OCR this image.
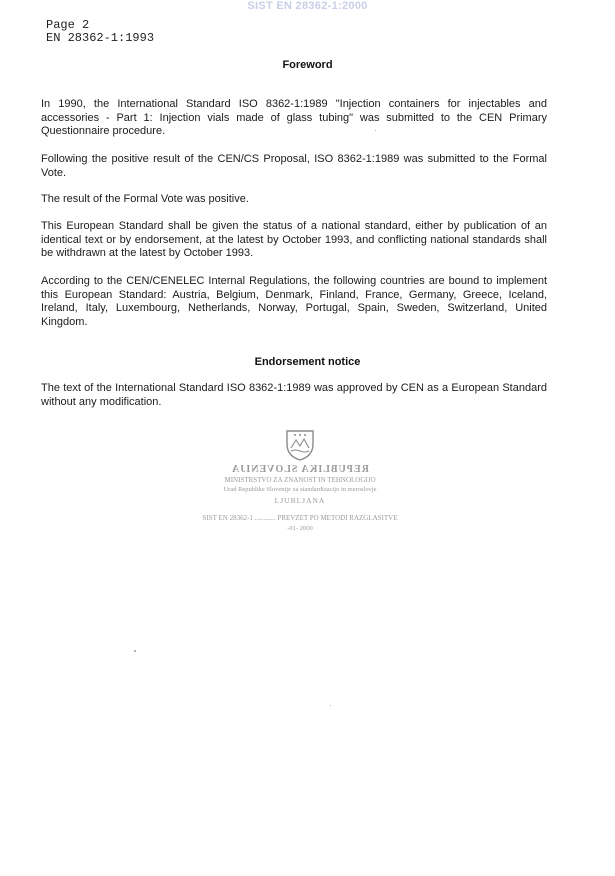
SIST EN 28362-1:2000
Page 2
EN 28362-1:1993
Foreword
In 1990, the International Standard ISO 8362-1:1989 "Injection containers for injectables and accessories - Part 1: Injection vials made of glass tubing" was submitted to the CEN Primary Questionnaire procedure.
Following the positive result of the CEN/CS Proposal, ISO 8362-1:1989 was submitted to the Formal Vote.
The result of the Formal Vote was positive.
This European Standard shall be given the status of a national standard, either by publication of an identical text or by endorsement, at the latest by October 1993, and conflicting national standards shall be withdrawn at the latest by October 1993.
According to the CEN/CENELEC Internal Regulations, the following countries are bound to implement this European Standard: Austria, Belgium, Denmark, Finland, France, Germany, Greece, Iceland, Ireland, Italy, Luxembourg, Netherlands, Norway, Portugal, Spain, Sweden, Switzerland, United Kingdom.
Endorsement notice
The text of the International Standard ISO 8362-1:1989 was approved by CEN as a European Standard without any modification.
REPUBLIKA SLOVENIJA
MINISTRSTVO ZA ZNANOST IN TEHNOLOGIJO
Urad Republike Slovenije za standardizacijo in meroslovje
LJUBLJANA
SIST EN 28362-1 ............ PREVZET PO METODI RAZGLASITVE
-01- 2000
